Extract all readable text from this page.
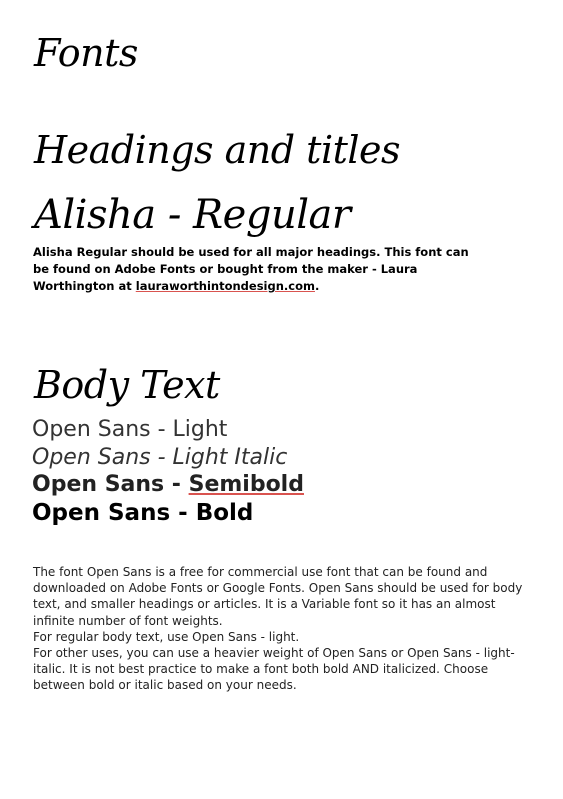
Fonts
Headings and titles
Alisha - Regular

Alisha Regular should be used for all major headings. This font can be found on Adobe Fonts or bought from the maker - Laura Worthington at lauraworthintondesign.com.

Body Text

Open Sans - Light

Open Sans - Light Italic

Open Sans - Semibold

Open Sans - Bold

The font Open Sans is a free for commercial use font that can be found and downloaded on Adobe Fonts or Google Fonts. Open Sans should be used for body text, and smaller headings or articles. It is a Variable font so it has an almost infinite number of font weights.

For regular body text, use Open Sans - light.

For other uses, you can use a heavier weight of Open Sans or Open Sans - light-italic. It is not best practice to make a font both bold AND italicized. Choose between bold or italic based on your needs.
